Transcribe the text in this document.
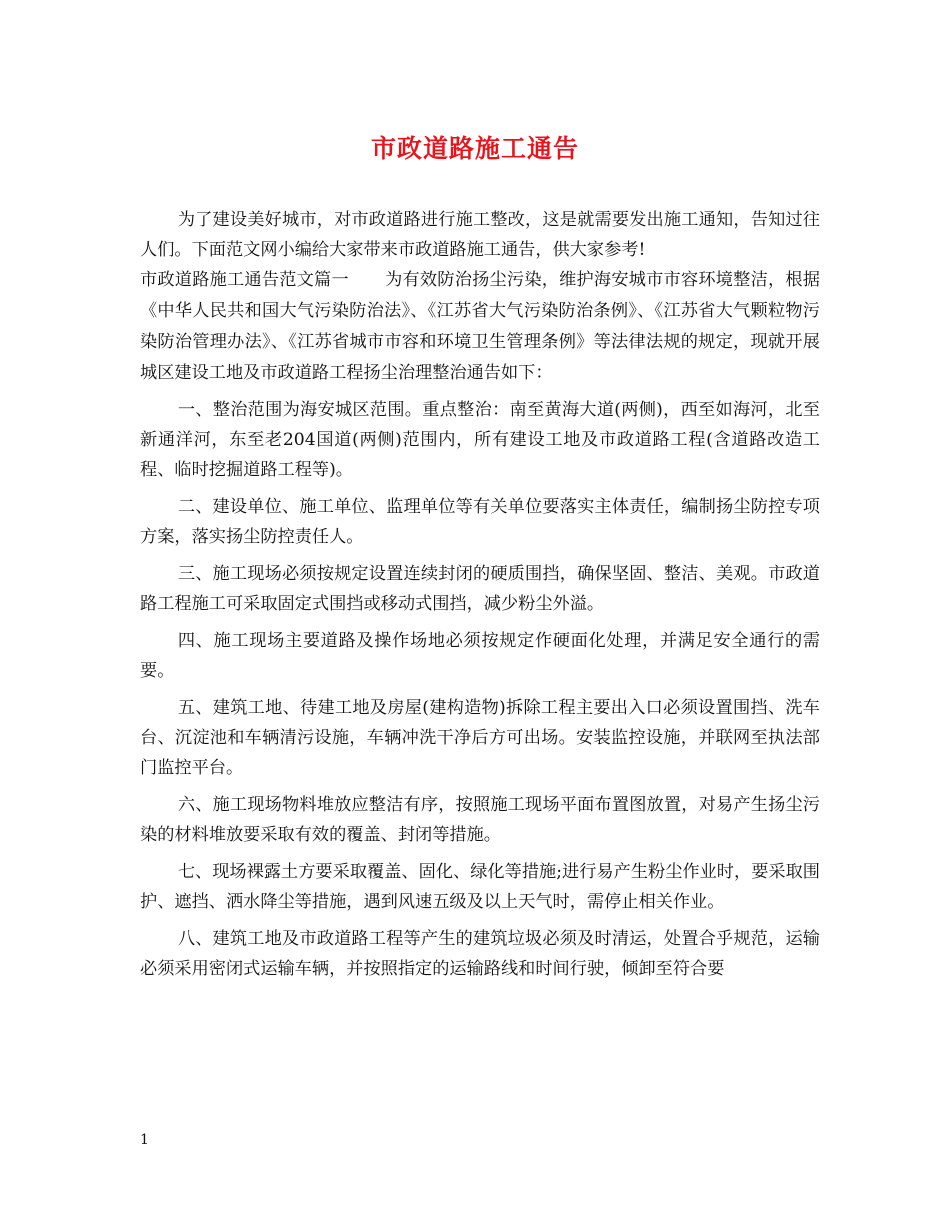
市政道路施工通告

为了建设美好城市，对市政道路进行施工整改，这是就需要发出施工通知，告知过往人们。下面范文网小编给大家带来市政道路施工通告，供大家参考!

市政道路施工通告范文篇一 为有效防治扬尘污染，维护海安城市市容环境整洁，根据《中华人民共和国大气污染防治法》、《江苏省大气污染防治条例》、《江苏省大气颗粒物污染防治管理办法》、《江苏省城市市容和环境卫生管理条例》等法律法规的规定，现就开展城区建设工地及市政道路工程扬尘治理整治通告如下：

一、整治范围为海安城区范围。重点整治：南至黄海大道(两侧)，西至如海河，北至新通洋河，东至老204国道(两侧)范围内，所有建设工地及市政道路工程(含道路改造工程、临时挖掘道路工程等)。

二、建设单位、施工单位、监理单位等有关单位要落实主体责任，编制扬尘防控专项方案，落实扬尘防控责任人。

三、施工现场必须按规定设置连续封闭的硬质围挡，确保坚固、整洁、美观。市政道路工程施工可采取固定式围挡或移动式围挡，减少粉尘外溢。

四、施工现场主要道路及操作场地必须按规定作硬面化处理，并满足安全通行的需要。

五、建筑工地、待建工地及房屋(建构造物)拆除工程主要出入口必须设置围挡、洗车台、沉淀池和车辆清污设施，车辆冲洗干净后方可出场。安装监控设施，并联网至执法部门监控平台。

六、施工现场物料堆放应整洁有序，按照施工现场平面布置图放置，对易产生扬尘污染的材料堆放要采取有效的覆盖、封闭等措施。

七、现场裸露土方要采取覆盖、固化、绿化等措施;进行易产生粉尘作业时，要采取围护、遮挡、洒水降尘等措施，遇到风速五级及以上天气时，需停止相关作业。

八、建筑工地及市政道路工程等产生的建筑垃圾必须及时清运，处置合乎规范，运输必须采用密闭式运输车辆，并按照指定的运输路线和时间行驶，倾卸至符合要

1
